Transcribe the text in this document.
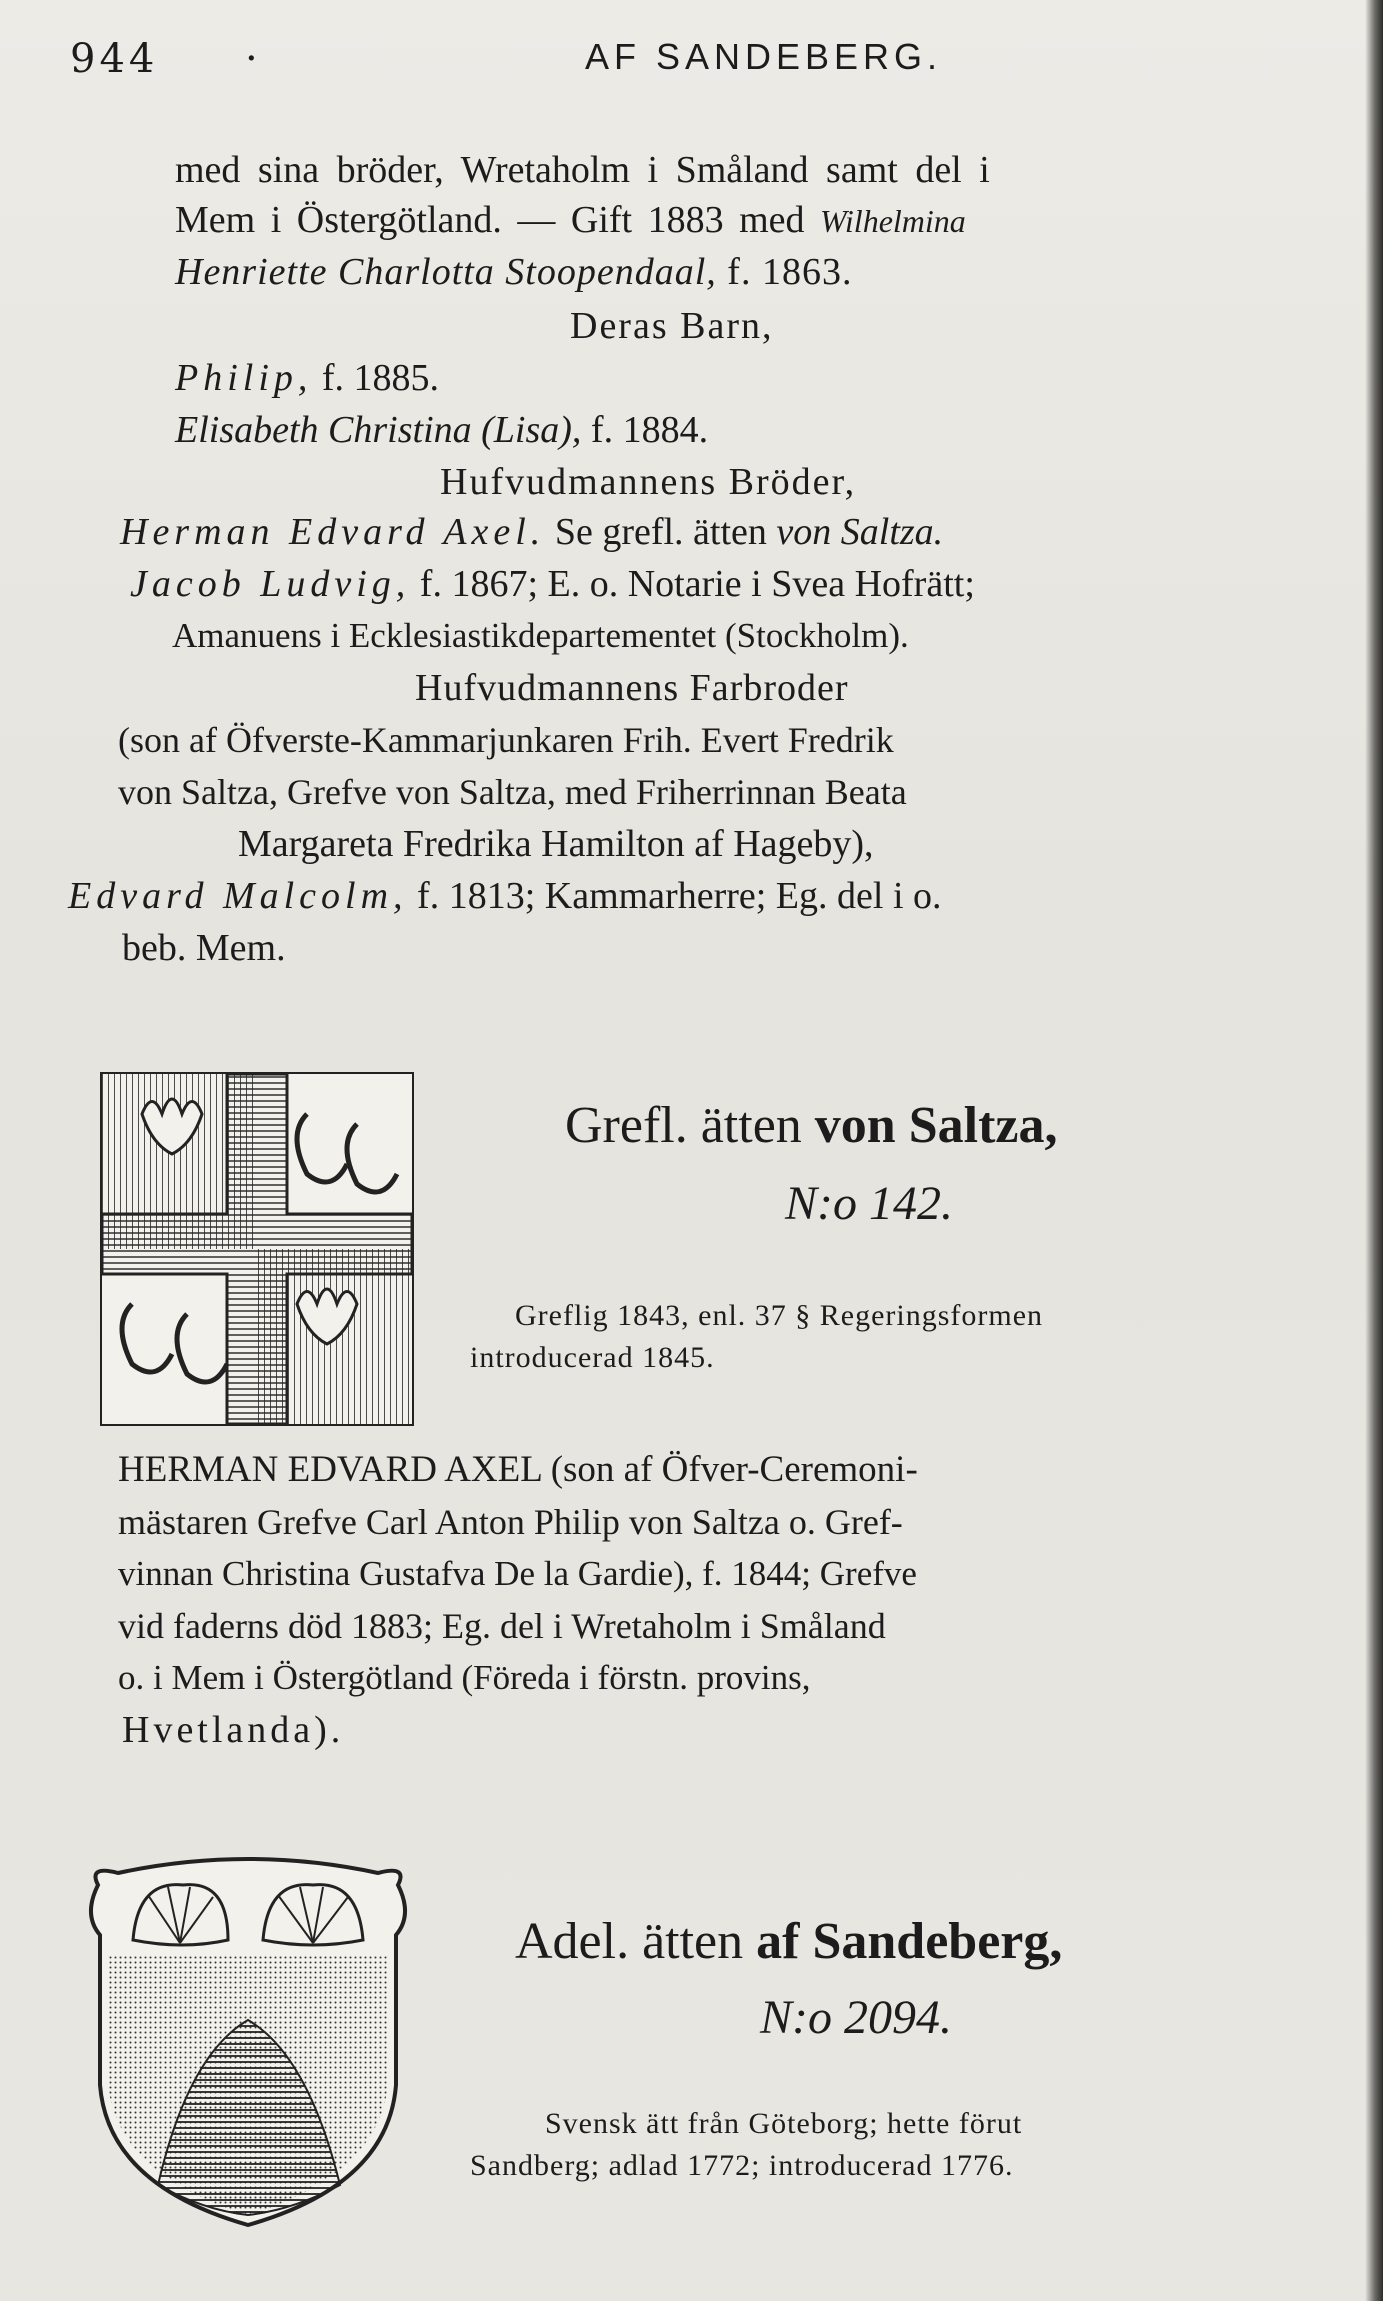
944 ·	AF SANDEBERG.
med sina bröder, Wretaholm i Småland samt del i
Mem i Östergötland. — Gift 1883 med Wilhelmina
Henriette Charlotta Stoopendaal, f. 1863.
Deras Barn,
Philip, f. 1885.
Elisabeth Christina (Lisa), f. 1884.
Hufvudmannens Bröder,
Herman Edvard Axel. Se grefl. ätten von Saltza.
Jacob Ludvig, f. 1867; E. o. Notarie i Svea Hofrätt;
Amanuens i Ecklesiastikdepartementet (Stockholm).
Hufvudmannens Farbroder
(son af Öfverste-Kammarjunkaren Frih. Evert Fredrik
von Saltza, Grefve von Saltza, med Friherrinnan Beata
Margareta Fredrika Hamilton af Hageby),
Edvard Malcolm, f. 1813; Kammarherre; Eg. del i o.
beb. Mem.
Grefl. ätten von Saltza,
N:o 142.
Greflig 1843, enl. 37 § Regeringsformen
introducerad 1845.
HERMAN EDVARD AXEL (son af Öfver-Ceremoni-
mästaren Grefve Carl Anton Philip von Saltza o. Gref-
vinnan Christina Gustafva De la Gardie), f. 1844; Grefve
vid faderns död 1883; Eg. del i Wretaholm i Småland
o. i Mem i Östergötland (Föreda i förstn. provins,
Hvetlanda).
Adel. ätten af Sandeberg,
N:o 2094.
Svensk ätt från Göteborg; hette förut
Sandberg; adlad 1772; introducerad 1776.
